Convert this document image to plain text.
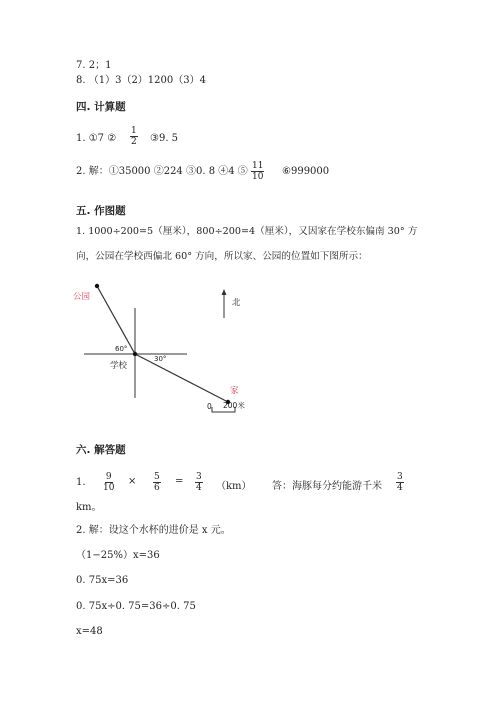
7. 2；1
8. （1）3（2）1200（3）4
四. 计算题
1. ①7 ② $\frac{1}{2}$ ③9. 5
2. 解：①35000 ②224 ③0. 8 ④4 ⑤ $\frac{11}{10}$ ⑥999000
五. 作图题
1. 1000÷200=5（厘米），800÷200=4（厘米），又因家在学校东偏南 30° 方
向，公园在学校西偏北 60° 方向，所以家、公园的位置如下图所示：
公园
学校
家
60°
30°
北
0 200米
六. 解答题
1. $\frac{9}{10} \times \frac{5}{6} = \frac{3}{4} (km)$ 答：海豚每分约能游千米 $\frac{3}{4}$
km。
2. 解：设这个水杯的进价是 x 元。
（1−25%）x=36
0. 75x=36
0. 75x÷0. 75=36÷0. 75
x=48
